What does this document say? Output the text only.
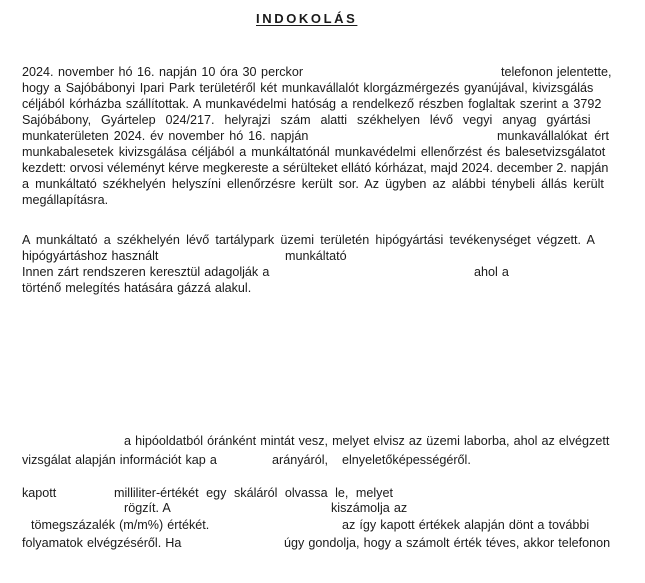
INDOKOLÁS
2024. november hó 16. napján 10 óra 30 perckor	telefonon jelentette,
hogy a Sajóbábonyi Ipari Park területéről két munkavállalót klorgázmérgezés gyanújával, kivizsgálás
céljából kórházba szállítottak. A munkavédelmi hatóság a rendelkező részben foglaltak szerint a 3792
Sajóbábony, Gyártelep 024/217. helyrajzi szám alatti székhelyen lévő vegyi anyag gyártási
munkaterületen 2024. év november hó 16. napján	munkavállalókat ért
munkabalesetek kivizsgálása céljából a munkáltatónál munkavédelmi ellenőrzést és balesetvizsgálatot
kezdett: orvosi véleményt kérve megkereste a sérülteket ellátó kórházat, majd 2024. december 2. napján
a munkáltató székhelyén helyszíni ellenőrzésre került sor. Az ügyben az alábbi ténybeli állás került
megállapításra.
A munkáltató a székhelyén lévő tartálypark üzemi területén hipógyártási tevékenységet végzett. A
hipógyártáshoz használt	munkáltató
Innen zárt rendszeren keresztül adagolják a	ahol a
történő melegítés hatására gázzá alakul.
a hipóoldatból óránként mintát vesz, melyet elvisz az üzemi laborba, ahol az elvégzett
vizsgálat alapján információt kap a	arányáról, elnyeletőképességéről.
kapott	milliliter-értékét egy skáláról olvassa le, melyet
rögzít. A	kiszámolja az
tömegszázalék (m/m%) értékét.	az így kapott értékek alapján dönt a további
folyamatok elvégzéséről. Ha	úgy gondolja, hogy a számolt érték téves, akkor telefonon
